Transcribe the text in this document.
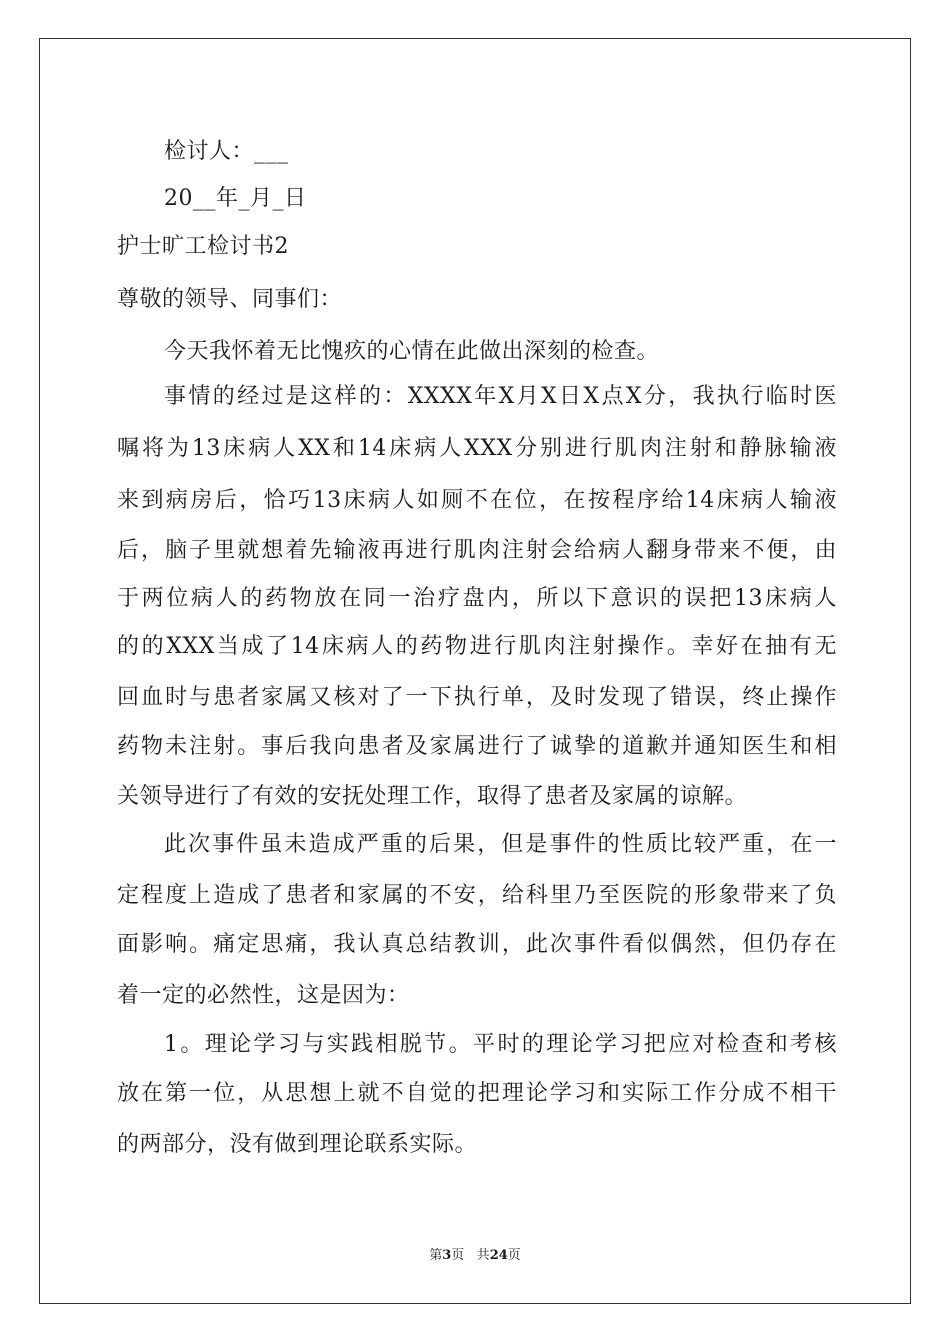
检讨人：___
20__年_月_日
护士旷工检讨书2
尊敬的领导、同事们：
今天我怀着无比愧疚的心情在此做出深刻的检查。
事情的经过是这样的：XXXX年X月X日X点X分，我执行临时医
嘱将为13床病人XX和14床病人XXX分别进行肌肉注射和静脉输液
来到病房后，恰巧13床病人如厕不在位，在按程序给14床病人输液
后，脑子里就想着先输液再进行肌肉注射会给病人翻身带来不便，由
于两位病人的药物放在同一治疗盘内，所以下意识的误把13床病人
的的XXX当成了14床病人的药物进行肌肉注射操作。幸好在抽有无
回血时与患者家属又核对了一下执行单，及时发现了错误，终止操作
药物未注射。事后我向患者及家属进行了诚挚的道歉并通知医生和相
关领导进行了有效的安抚处理工作，取得了患者及家属的谅解。
此次事件虽未造成严重的后果，但是事件的性质比较严重，在一
定程度上造成了患者和家属的不安，给科里乃至医院的形象带来了负
面影响。痛定思痛，我认真总结教训，此次事件看似偶然，但仍存在
着一定的必然性，这是因为：
1。理论学习与实践相脱节。平时的理论学习把应对检查和考核
放在第一位，从思想上就不自觉的把理论学习和实际工作分成不相干
的两部分，没有做到理论联系实际。
第3页 共24页
